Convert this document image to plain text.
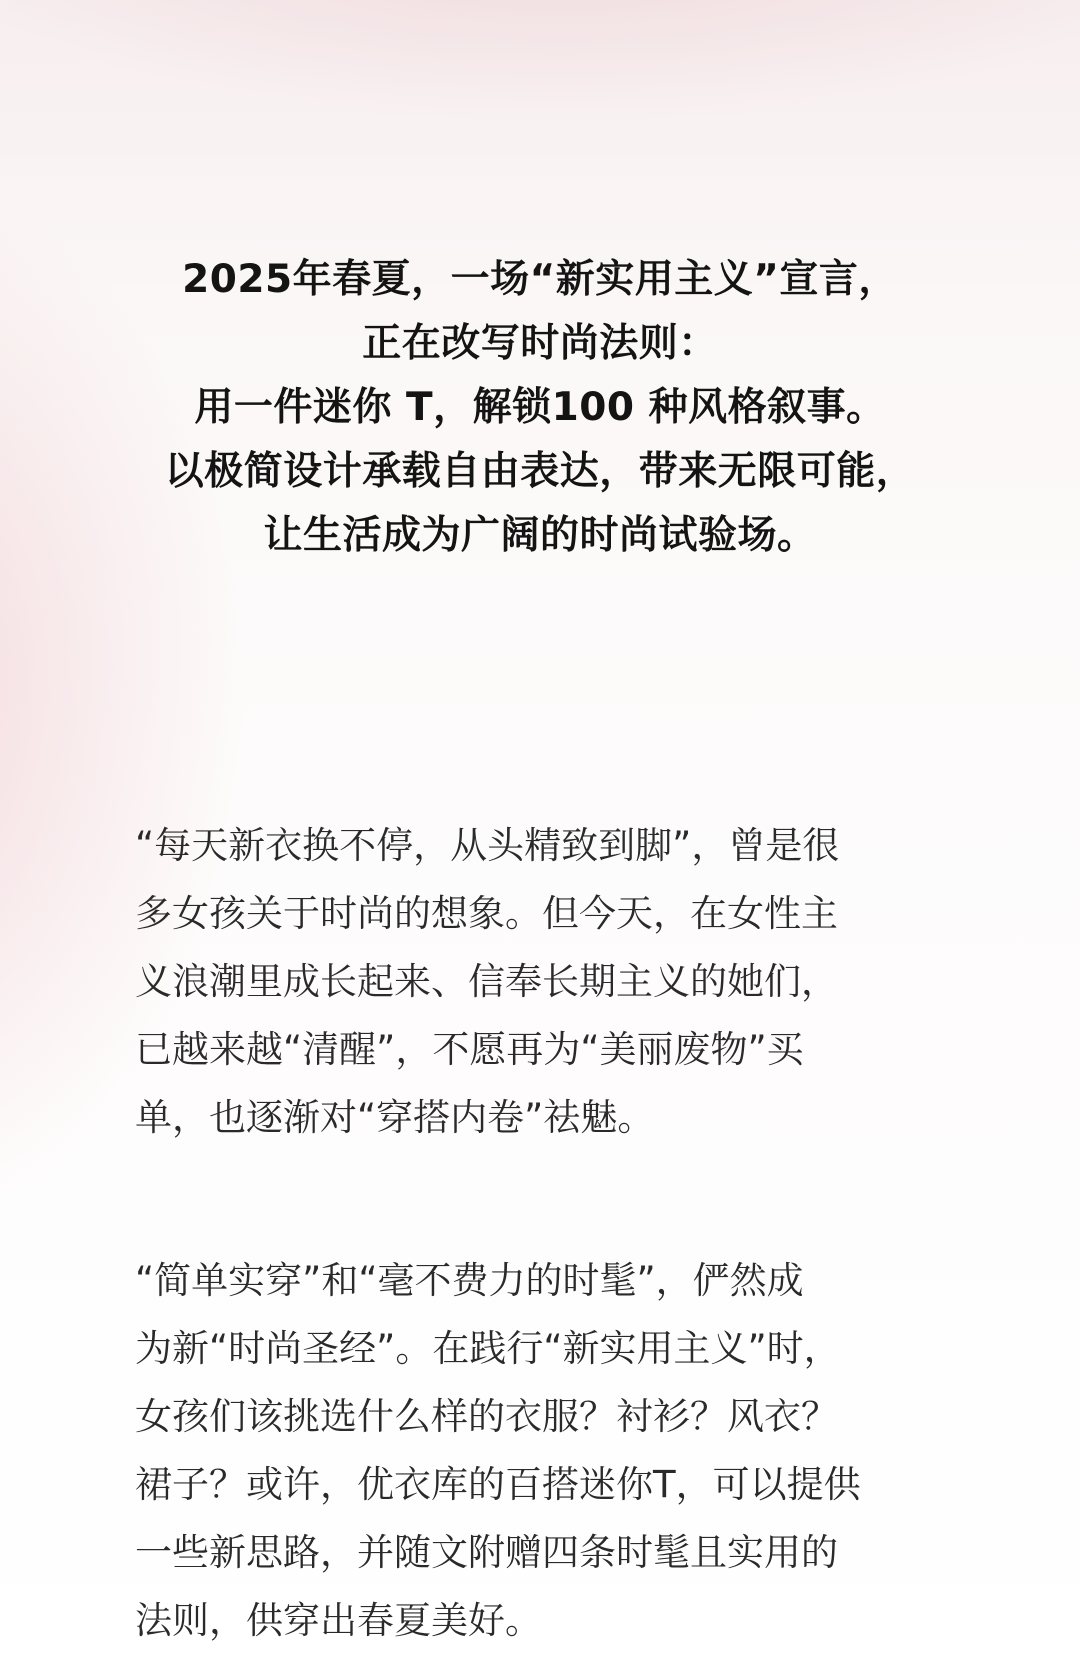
2025年春夏，一场“新实用主义”宣言，
正在改写时尚法则：
用一件迷你 T，解锁100 种风格叙事。
以极简设计承载自由表达，带来无限可能，
让生活成为广阔的时尚试验场。
“每天新衣换不停，从头精致到脚”，曾是很
多女孩关于时尚的想象。但今天，在女性主
义浪潮里成长起来、信奉长期主义的她们，
已越来越“清醒”，不愿再为“美丽废物”买
单，也逐渐对“穿搭内卷”祛魅。
“简单实穿”和“毫不费力的时髦”，俨然成
为新“时尚圣经”。在践行“新实用主义”时，
女孩们该挑选什么样的衣服？衬衫？风衣？
裙子？或许，优衣库的百搭迷你T，可以提供
一些新思路，并随文附赠四条时髦且实用的
法则，供穿出春夏美好。
